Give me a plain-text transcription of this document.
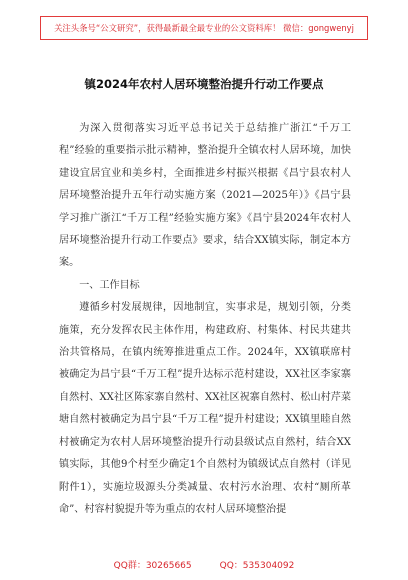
关注头条号“公文研究”，获得最新最全最专业的公文资料库！ 微信：gongwenyj
镇2024年农村人居环境整治提升行动工作要点

为深入贯彻落实习近平总书记关于总结推广浙江“千万工程”经验的重要指示批示精神，整治提升全镇农村人居环境，加快建设宜居宜业和美乡村，全面推进乡村振兴根据《昌宁县农村人居环境整治提升五年行动实施方案（2021—2025年）》《昌宁县学习推广浙江“千万工程”经验实施方案》《昌宁县2024年农村人居环境整治提升行动工作要点》要求，结合XX镇实际，制定本方案。

一、工作目标

遵循乡村发展规律，因地制宜，实事求是，规划引领，分类施策，充分发挥农民主体作用，构建政府、村集体、村民共建共治共管格局，在镇内统筹推进重点工作。2024年，XX镇联席村被确定为昌宁县“千万工程”提升达标示范村建设，XX社区李家寨自然村、XX社区陈家寨自然村、XX社区祝寨自然村、松山村芹菜塘自然村被确定为昌宁县“千万工程”提升村建设；XX镇里睦自然村被确定为农村人居环境整治提升行动县级试点自然村，结合XX镇实际，其他9个村至少确定1个自然村为镇级试点自然村（详见附件1），实施垃圾源头分类减量、农村污水治理、农村“厕所革命”、村容村貌提升等为重点的农村人居环境整治提

QQ群：30265665	QQ：535304092
